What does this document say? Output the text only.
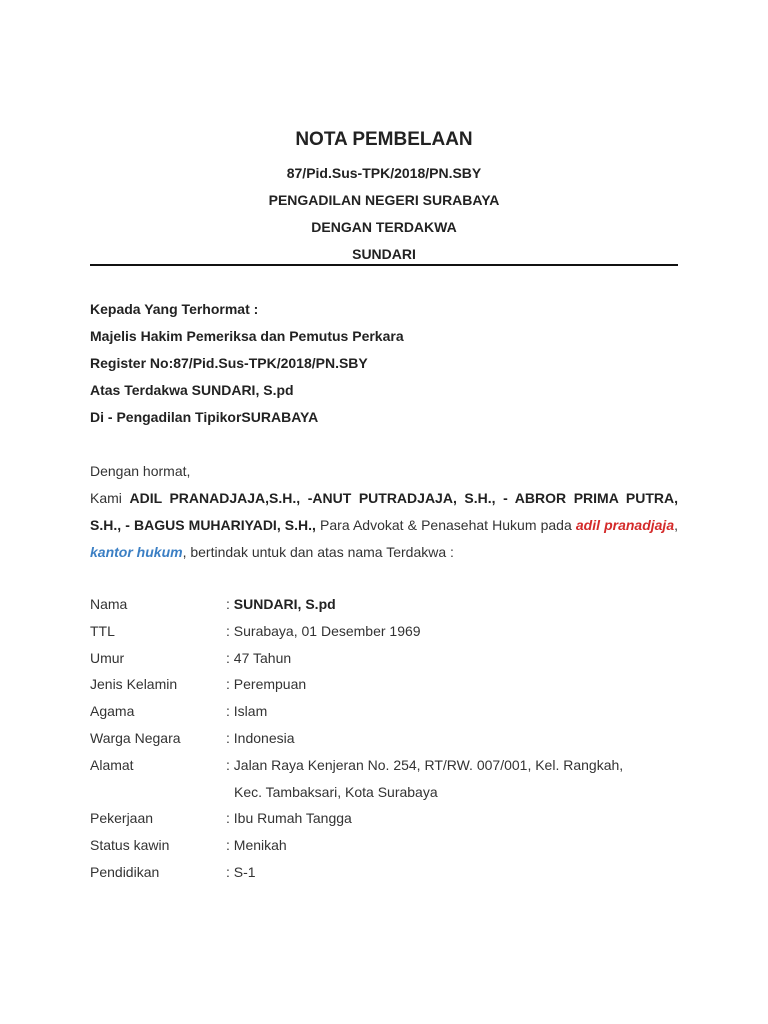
NOTA PEMBELAAN
87/Pid.Sus-TPK/2018/PN.SBY
PENGADILAN NEGERI SURABAYA
DENGAN TERDAKWA
SUNDARI
Kepada Yang Terhormat :
Majelis Hakim Pemeriksa dan Pemutus Perkara
Register No:87/Pid.Sus-TPK/2018/PN.SBY
Atas Terdakwa SUNDARI, S.pd
Di - Pengadilan TipikorSURABAYA
Dengan hormat,
Kami ADIL PRANADJAJA,S.H., -ANUT PUTRADJAJA, S.H., - ABROR PRIMA PUTRA, S.H., - BAGUS MUHARIYADI, S.H., Para Advokat & Penasehat Hukum pada adil pranadjaja, kantor hukum, bertindak untuk dan atas nama Terdakwa :
Nama	: SUNDARI, S.pd
TTL	: Surabaya, 01 Desember 1969
Umur	: 47 Tahun
Jenis Kelamin	: Perempuan
Agama	: Islam
Warga Negara	: Indonesia
Alamat	: Jalan Raya Kenjeran No. 254, RT/RW. 007/001, Kel. Rangkah,
Kec. Tambaksari, Kota Surabaya
Pekerjaan	: Ibu Rumah Tangga
Status kawin	: Menikah
Pendidikan	: S-1
